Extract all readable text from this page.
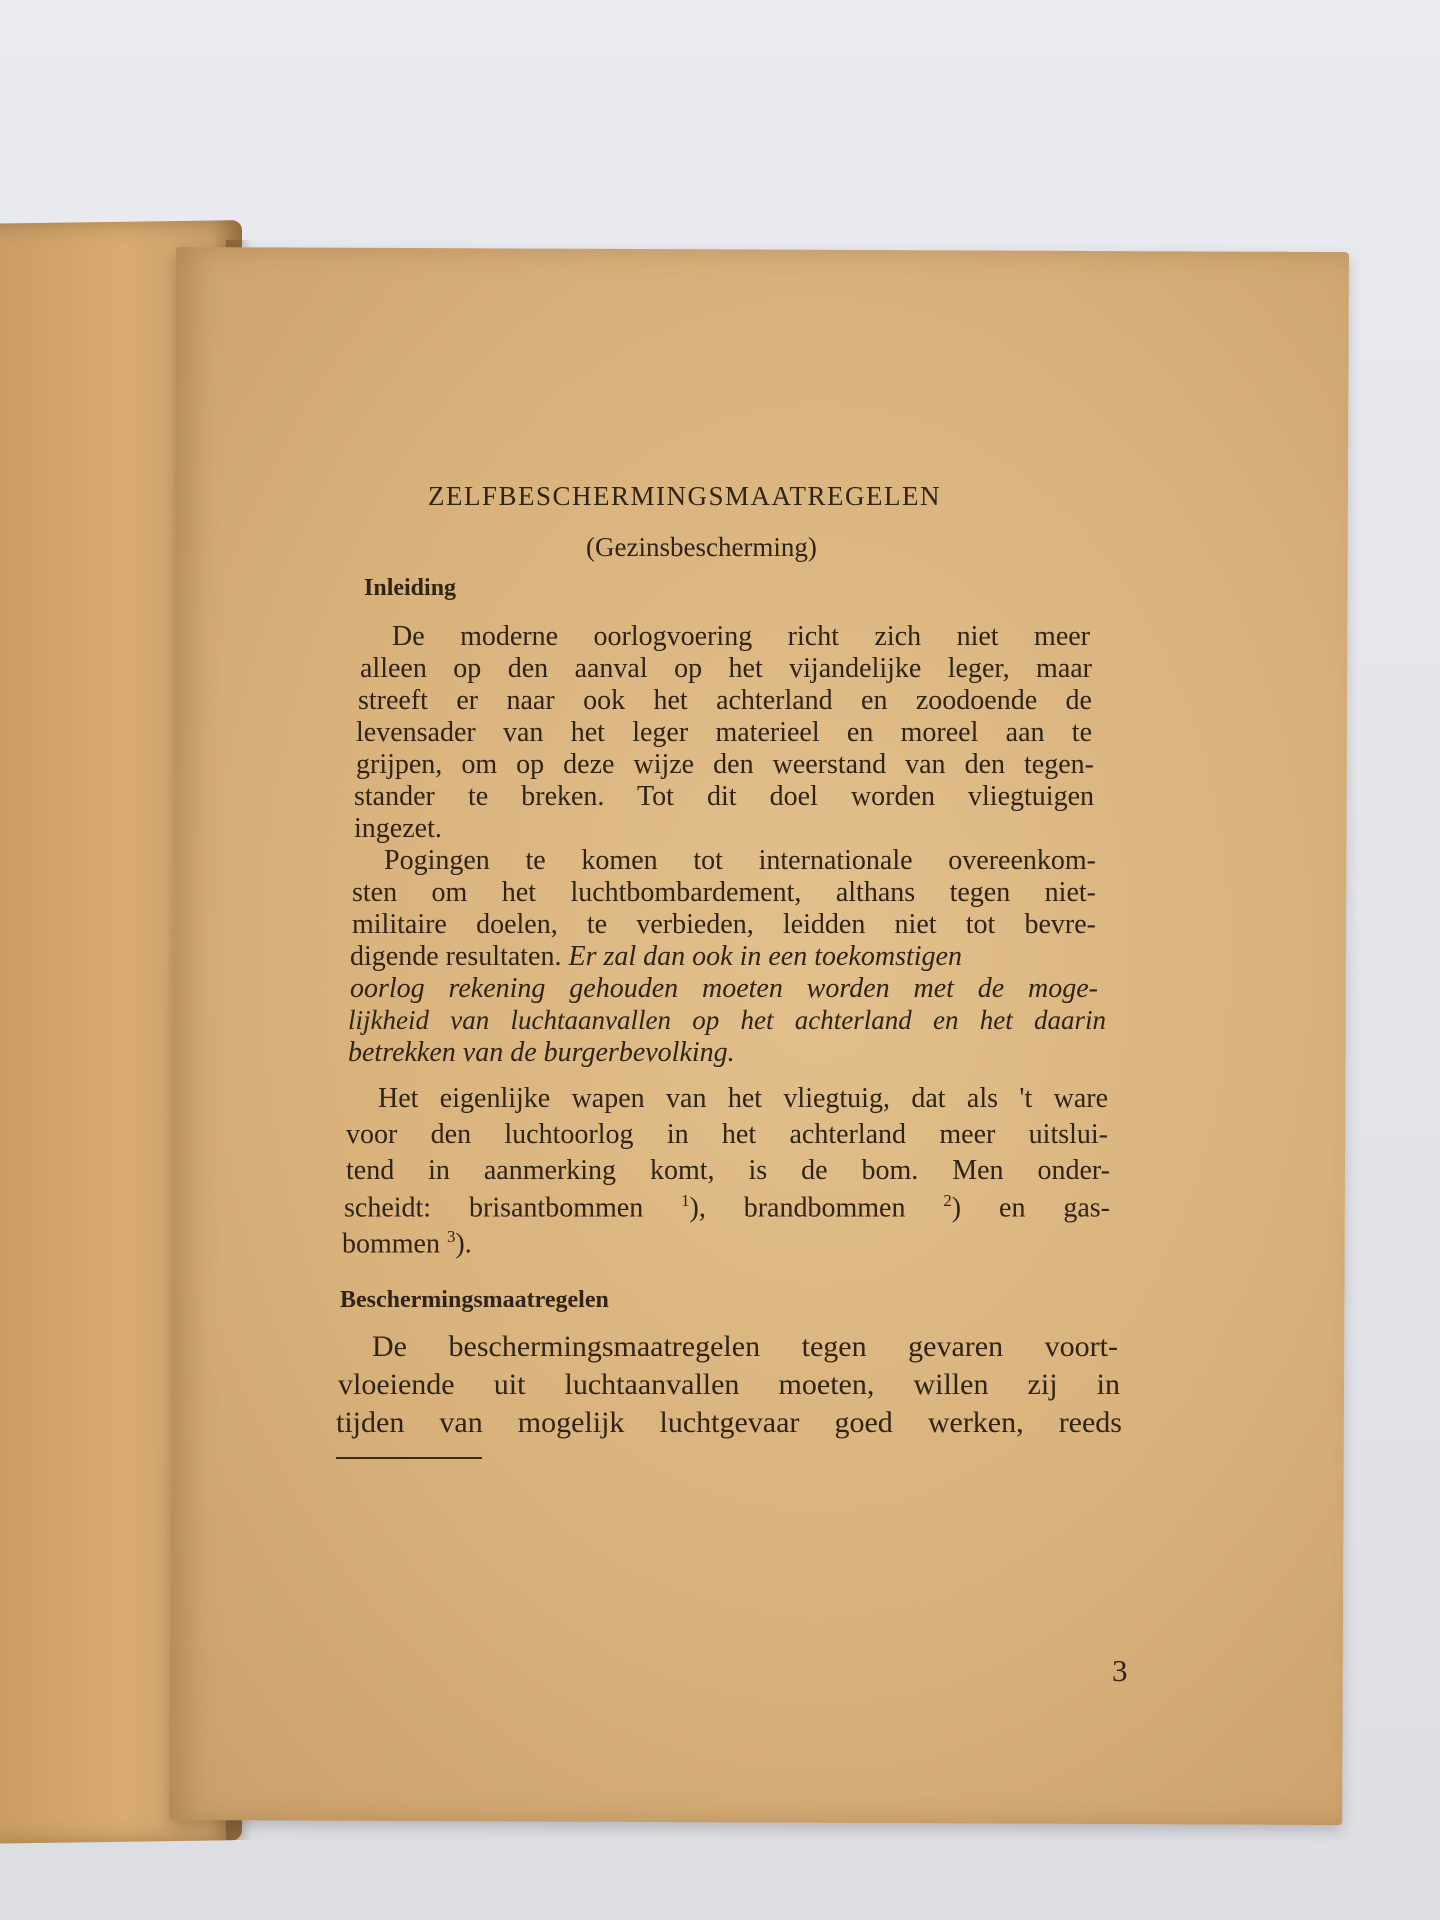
ZELFBESCHERMINGSMAATREGELEN
(Gezinsbescherming)
Inleiding
De moderne oorlogvoering richt zich niet meer
alleen op den aanval op het vijandelijke leger, maar
streeft er naar ook het achterland en zoodoende de
levensader van het leger materieel en moreel aan te
grijpen, om op deze wijze den weerstand van den tegen-
stander te breken. Tot dit doel worden vliegtuigen
ingezet.
Pogingen te komen tot internationale overeenkom-
sten om het luchtbombardement, althans tegen niet-
militaire doelen, te verbieden, leidden niet tot bevre-
digende resultaten. Er zal dan ook in een toekomstigen
oorlog rekening gehouden moeten worden met de moge-
lijkheid van luchtaanvallen op het achterland en het daarin
betrekken van de burgerbevolking.
Het eigenlijke wapen van het vliegtuig, dat als 't ware
voor den luchtoorlog in het achterland meer uitslui-
tend in aanmerking komt, is de bom. Men onder-
scheidt: brisantbommen $^1$), brandbommen $^2$) en gas-
bommen $^3$).
Beschermingsmaatregelen
De beschermingsmaatregelen tegen gevaren voort-
vloeiende uit luchtaanvallen moeten, willen zij in
tijden van mogelijk luchtgevaar goed werken, reeds
3
